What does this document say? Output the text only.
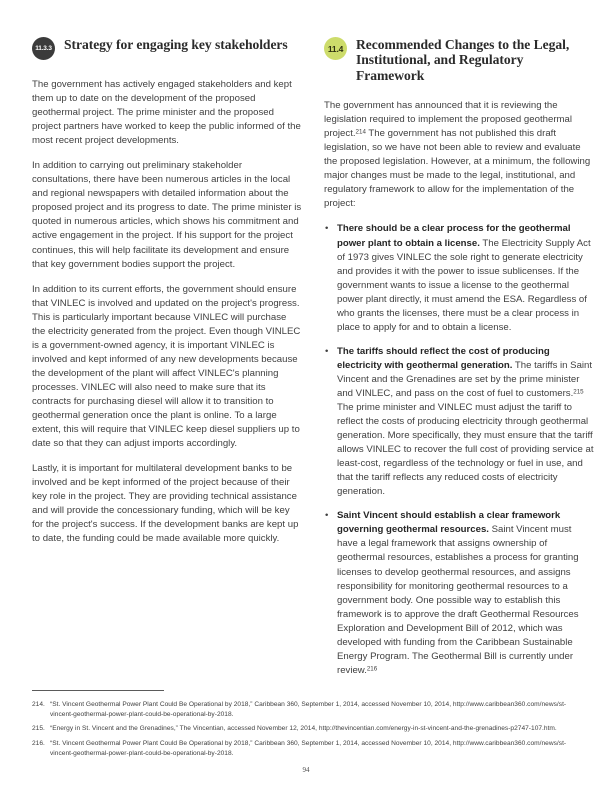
11.3.3 Strategy for engaging key stakeholders

The government has actively engaged stakeholders and kept them up to date on the development of the proposed geothermal project. The prime minister and the proposed project partners have worked to keep the public informed of the most recent project developments.

In addition to carrying out preliminary stakeholder consultations, there have been numerous articles in the local and regional newspapers with detailed information about the proposed project and its progress to date. The prime minister is quoted in numerous articles, which shows his commitment and active engagement in the project. If his support for the project continues, this will help facilitate its development and ensure that key government bodies support the project.

In addition to its current efforts, the government should ensure that VINLEC is involved and updated on the project's progress. This is particularly important because VINLEC will purchase the electricity generated from the project. Even though VINLEC is a government-owned agency, it is important VINLEC is involved and kept informed of any new developments because the development of the plant will affect VINLEC's planning processes. VINLEC will also need to make sure that its contracts for purchasing diesel will allow it to transition to geothermal generation once the plant is online. To a large extent, this will require that VINLEC keep diesel suppliers up to date so that they can adjust imports accordingly.

Lastly, it is important for multilateral development banks to be involved and be kept informed of the project because of their key role in the project. They are providing technical assistance and will provide the concessionary funding, which will be key for the project's success. If the development banks are kept up to date, the funding could be made available more quickly.

11.4 Recommended Changes to the Legal, Institutional, and Regulatory Framework

The government has announced that it is reviewing the legislation required to implement the proposed geothermal project.$^{214}$ The government has not published this draft legislation, so we have not been able to review and evaluate the proposed legislation. However, at a minimum, the following major changes must be made to the legal, institutional, and regulatory framework to allow for the implementation of the project:

• There should be a clear process for the geothermal power plant to obtain a license. The Electricity Supply Act of 1973 gives VINLEC the sole right to generate electricity and provides it with the power to issue sublicenses. If the government wants to issue a license to the geothermal power plant directly, it must amend the ESA. Regardless of who grants the licenses, there must be a clear process in place to apply for and to obtain a license.
• The tariffs should reflect the cost of producing electricity with geothermal generation. The tariffs in Saint Vincent and the Grenadines are set by the prime minister and VINLEC, and pass on the cost of fuel to customers.$^{215}$ The prime minister and VINLEC must adjust the tariff to reflect the costs of producing electricity through geothermal generation. More specifically, they must ensure that the tariff allows VINLEC to recover the full cost of providing service at least-cost, regardless of the technology or fuel in use, and that the tariff reflects any reduced costs of electricity generation.
• Saint Vincent should establish a clear framework governing geothermal resources. Saint Vincent must have a legal framework that assigns ownership of geothermal resources, establishes a process for granting licenses to develop geothermal resources, and assigns responsibility for monitoring geothermal resources to a government body. One possible way to establish this framework is to approve the draft Geothermal Resources Exploration and Development Bill of 2012, which was developed with funding from the Caribbean Sustainable Energy Program. The Geothermal Bill is currently under review.$^{216}$
214. “St. Vincent Geothermal Power Plant Could Be Operational by 2018,” Caribbean 360, September 1, 2014, accessed November 10, 2014, http://www.caribbean360.com/news/st-vincent-geothermal-power-plant-could-be-operational-by-2018.
215. “Energy in St. Vincent and the Grenadines,” The Vincentian, accessed November 12, 2014, http://thevincentian.com/energy-in-st-vincent-and-the-grenadines-p2747-107.htm.
216. “St. Vincent Geothermal Power Plant Could Be Operational by 2018,” Caribbean 360, September 1, 2014, accessed November 10, 2014, http://www.caribbean360.com/news/st-vincent-geothermal-power-plant-could-be-operational-by-2018.
94
